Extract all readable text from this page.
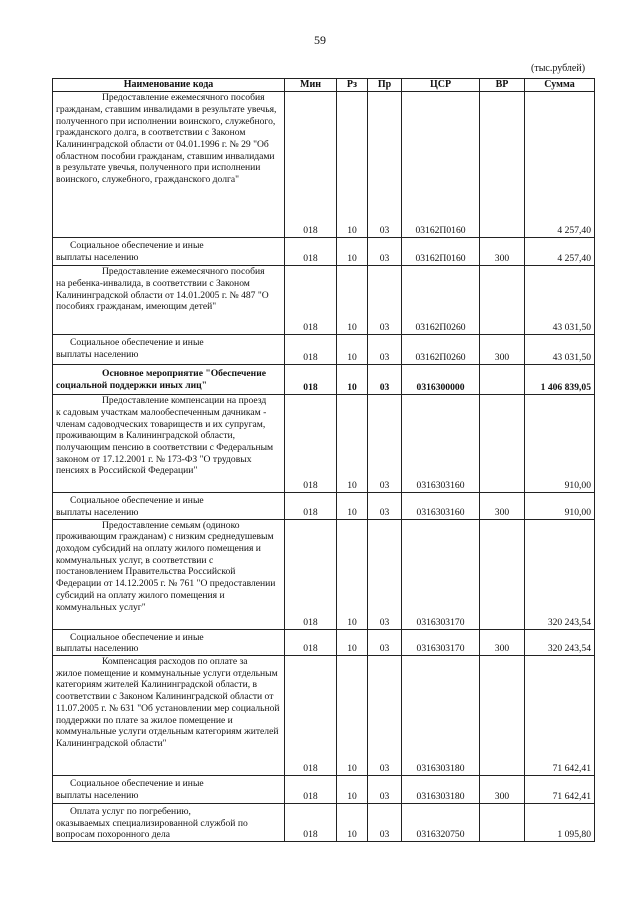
59
(тыс.рублей)
Наименование кода	Мин	Рз	Пр	ЦСР	ВР	Сумма

Предоставление ежемесячного пособия
гражданам, ставшим инвалидами в результате увечья, полученного при исполнении воинского, служебного, гражданского долга, в соответствии с Законом Калининградской области от 04.01.1996 г. № 29 "Об областном пособии гражданам, ставшим инвалидами в результате увечья, полученного при исполнении воинского, служебного, гражданского долга"	018	10	03	03162П0160		4 257,40

Социальное обеспечение и иные
выплаты населению	018	10	03	03162П0160	300	4 257,40

Предоставление ежемесячного пособия
на ребенка-инвалида, в соответствии с Законом Калининградской области от 14.01.2005 г. № 487 "О пособиях гражданам, имеющим детей"	018	10	03	03162П0260		43 031,50

Социальное обеспечение и иные
выплаты населению	018	10	03	03162П0260	300	43 031,50

Основное мероприятие "Обеспечение
социальной поддержки иных лиц"	018	10	03	0316300000		1 406 839,05

Предоставление компенсации на проезд
к садовым участкам малообеспеченным дачникам - членам садоводческих товариществ и их супругам, проживающим в Калининградской области, получающим пенсию в соответствии с Федеральным законом от 17.12.2001 г. № 173-ФЗ "О трудовых пенсиях в Российской Федерации"	018	10	03	0316303160		910,00

Социальное обеспечение и иные
выплаты населению	018	10	03	0316303160	300	910,00

Предоставление семьям (одиноко
проживающим гражданам) с низким среднедушевым доходом субсидий на оплату жилого помещения и коммунальных услуг, в соответствии с постановлением Правительства Российской Федерации от 14.12.2005 г. № 761 "О предоставлении субсидий на оплату жилого помещения и коммунальных услуг"	018	10	03	0316303170		320 243,54

Социальное обеспечение и иные
выплаты населению	018	10	03	0316303170	300	320 243,54

Компенсация расходов по оплате за
жилое помещение и коммунальные услуги отдельным категориям жителей Калининградской области, в соответствии с Законом Калининградской области от 11.07.2005 г. № 631 "Об установлении мер социальной поддержки по плате за жилое помещение и коммунальные услуги отдельным категориям жителей Калининградской области"	018	10	03	0316303180		71 642,41

Социальное обеспечение и иные
выплаты населению	018	10	03	0316303180	300	71 642,41

Оплата услуг по погребению,
оказываемых специализированной службой по вопросам похоронного дела	018	10	03	0316320750		1 095,80
